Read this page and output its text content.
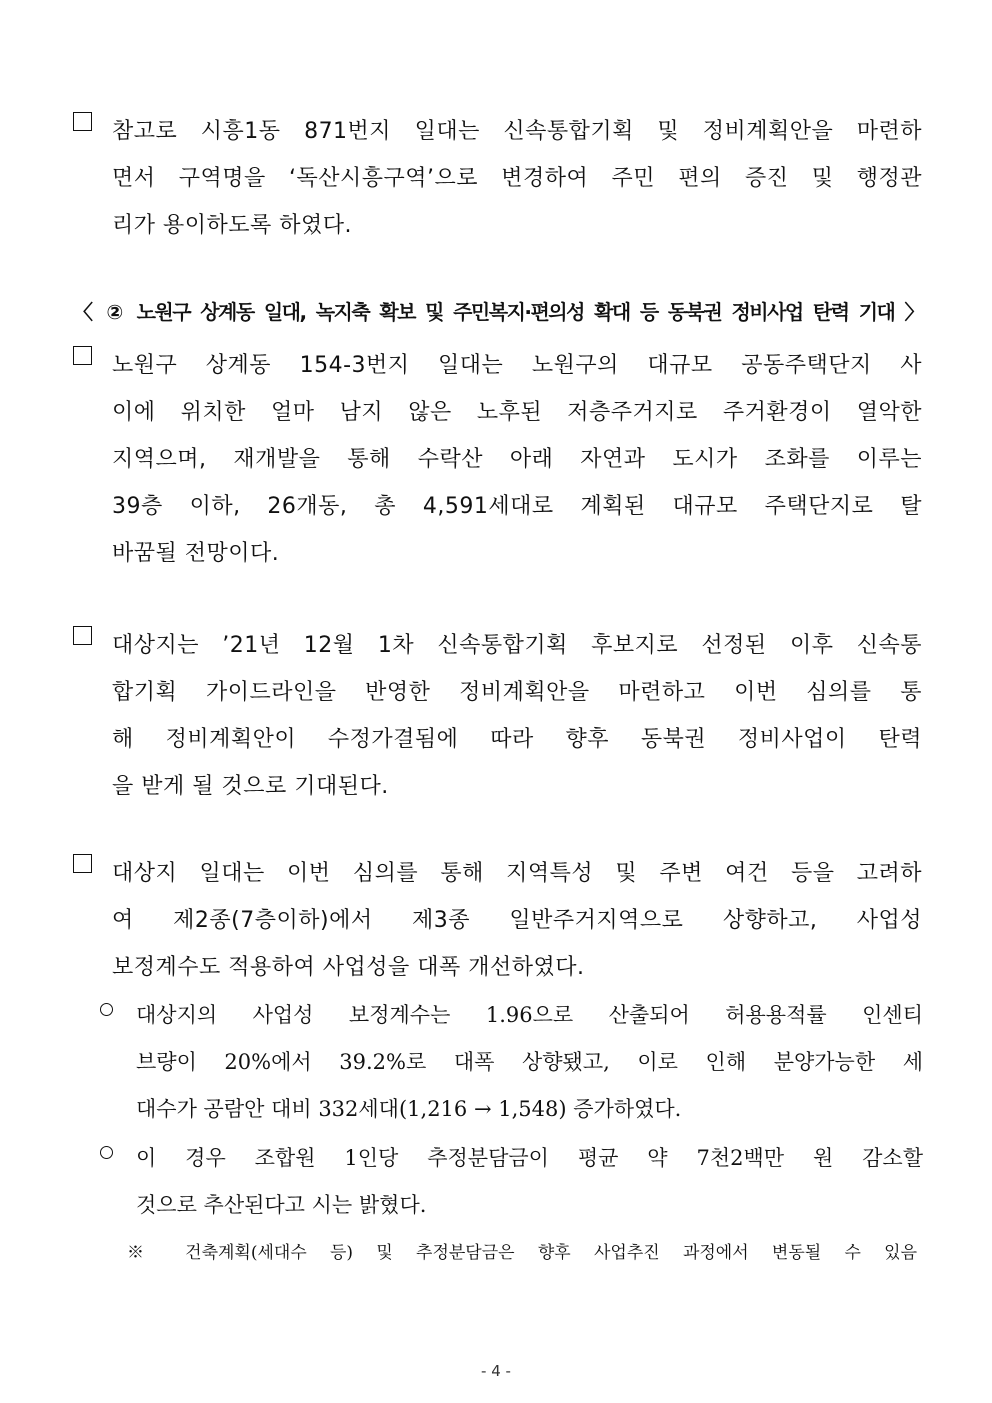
참고로 시흥1동 871번지 일대는 신속통합기획 및 정비계획안을 마련하
면서 구역명을 ‘독산시흥구역’으로 변경하여 주민 편의 증진 및 행정관
리가 용이하도록 하였다.
〈 ② 노원구 상계동 일대, 녹지축 확보 및 주민복지·편의성 확대 등 동북권 정비사업 탄력 기대 〉
노원구 상계동 154-3번지 일대는 노원구의 대규모 공동주택단지 사
이에 위치한 얼마 남지 않은 노후된 저층주거지로 주거환경이 열악한
지역으며, 재개발을 통해 수락산 아래 자연과 도시가 조화를 이루는
39층 이하, 26개동, 총 4,591세대로 계획된 대규모 주택단지로 탈
바꿈될 전망이다.
대상지는 ’21년 12월 1차 신속통합기획 후보지로 선정된 이후 신속통
합기획 가이드라인을 반영한 정비계획안을 마련하고 이번 심의를 통
해 정비계획안이 수정가결됨에 따라 향후 동북권 정비사업이 탄력
을 받게 될 것으로 기대된다.
대상지 일대는 이번 심의를 통해 지역특성 및 주변 여건 등을 고려하
여 제2종(7층이하)에서 제3종 일반주거지역으로 상향하고, 사업성
보정계수도 적용하여 사업성을 대폭 개선하였다.
대상지의 사업성 보정계수는 1.96으로 산출되어 허용용적률 인센티
브량이 20%에서 39.2%로 대폭 상향됐고, 이로 인해 분양가능한 세
대수가 공람안 대비 332세대(1,216 → 1,548) 증가하였다.
이 경우 조합원 1인당 추정분담금이 평균 약 7천2백만 원 감소할
것으로 추산된다고 시는 밝혔다.
※ 건축계획(세대수 등) 및 추정분담금은 향후 사업추진 과정에서 변동될 수 있음
- 4 -
